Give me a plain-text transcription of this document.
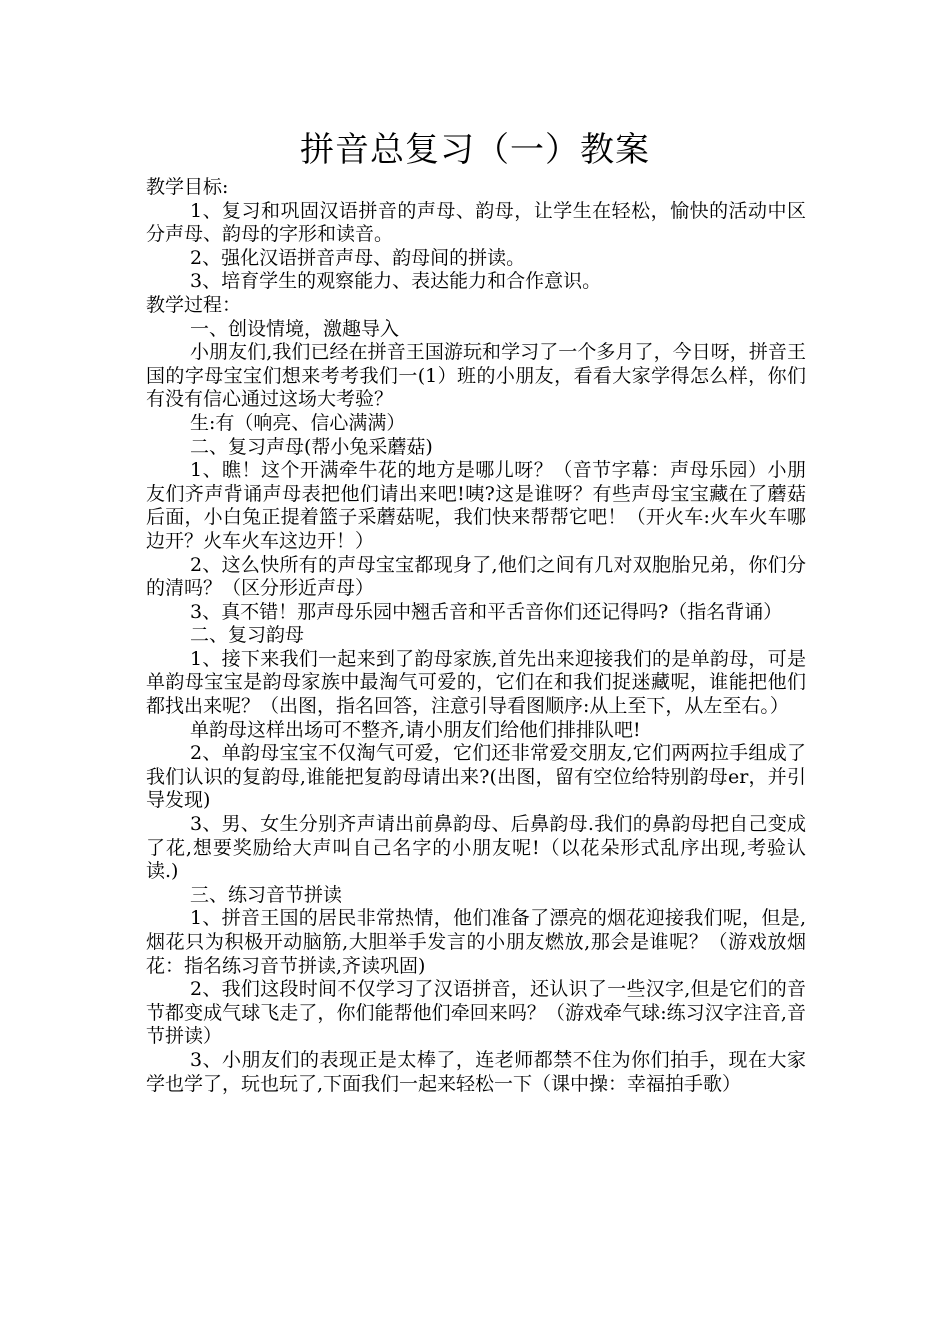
拼音总复习（一）教案

教学目标:

1、复习和巩固汉语拼音的声母、韵母，让学生在轻松，愉快的活动中区分声母、韵母的字形和读音。

2、强化汉语拼音声母、韵母间的拼读。

3、培育学生的观察能力、表达能力和合作意识。

教学过程：

一、创设情境，激趣导入

小朋友们,我们已经在拼音王国游玩和学习了一个多月了，今日呀，拼音王国的字母宝宝们想来考考我们一(1）班的小朋友，看看大家学得怎么样，你们有没有信心通过这场大考验？

生:有（响亮、信心满满）

二、复习声母(帮小兔采蘑菇)

1、瞧！这个开满牵牛花的地方是哪儿呀？（音节字幕：声母乐园）小朋友们齐声背诵声母表把他们请出来吧!咦?这是谁呀？有些声母宝宝藏在了蘑菇后面，小白兔正提着篮子采蘑菇呢，我们快来帮帮它吧！（开火车:火车火车哪边开？火车火车这边开！）

2、这么快所有的声母宝宝都现身了,他们之间有几对双胞胎兄弟，你们分的清吗？（区分形近声母）

3、真不错！那声母乐园中翘舌音和平舌音你们还记得吗?（指名背诵）

二、复习韵母

1、接下来我们一起来到了韵母家族,首先出来迎接我们的是单韵母，可是单韵母宝宝是韵母家族中最淘气可爱的，它们在和我们捉迷藏呢，谁能把他们都找出来呢？（出图，指名回答，注意引导看图顺序:从上至下，从左至右。）

单韵母这样出场可不整齐,请小朋友们给他们排排队吧!

2、单韵母宝宝不仅淘气可爱，它们还非常爱交朋友,它们两两拉手组成了我们认识的复韵母,谁能把复韵母请出来?(出图，留有空位给特别韵母er，并引导发现)

3、男、女生分别齐声请出前鼻韵母、后鼻韵母.我们的鼻韵母把自己变成了花,想要奖励给大声叫自己名字的小朋友呢!（以花朵形式乱序出现,考验认读.)

三、练习音节拼读

1、拼音王国的居民非常热情，他们准备了漂亮的烟花迎接我们呢，但是,烟花只为积极开动脑筋,大胆举手发言的小朋友燃放,那会是谁呢？（游戏放烟花：指名练习音节拼读,齐读巩固)

2、我们这段时间不仅学习了汉语拼音，还认识了一些汉字,但是它们的音节都变成气球飞走了，你们能帮他们牵回来吗？（游戏牵气球:练习汉字注音,音节拼读）

3、小朋友们的表现正是太棒了，连老师都禁不住为你们拍手，现在大家学也学了，玩也玩了,下面我们一起来轻松一下（课中操：幸福拍手歌）
